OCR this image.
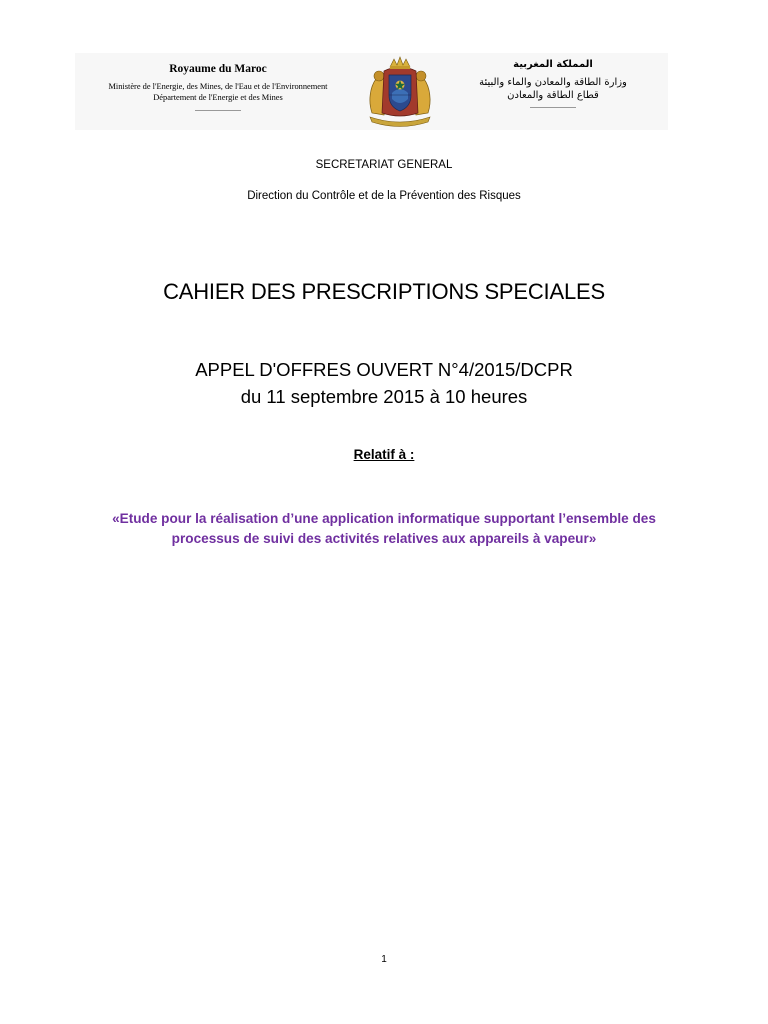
Royaume du Maroc
Ministère de l'Energie, des Mines, de l'Eau et de l'Environnement
Département de l'Energie et des Mines
المملكة المغربية
وزارة الطاقة والمعادن والماء والبيئة
قطاع الطاقة والمعادن
SECRETARIAT GENERAL
Direction du Contrôle et de la Prévention des Risques
CAHIER DES PRESCRIPTIONS SPECIALES
APPEL D'OFFRES OUVERT N°4/2015/DCPR
du 11 septembre 2015 à 10 heures
Relatif à :
«Etude pour la réalisation d’une application informatique supportant l’ensemble des
processus de suivi des activités relatives aux appareils à vapeur»
1
